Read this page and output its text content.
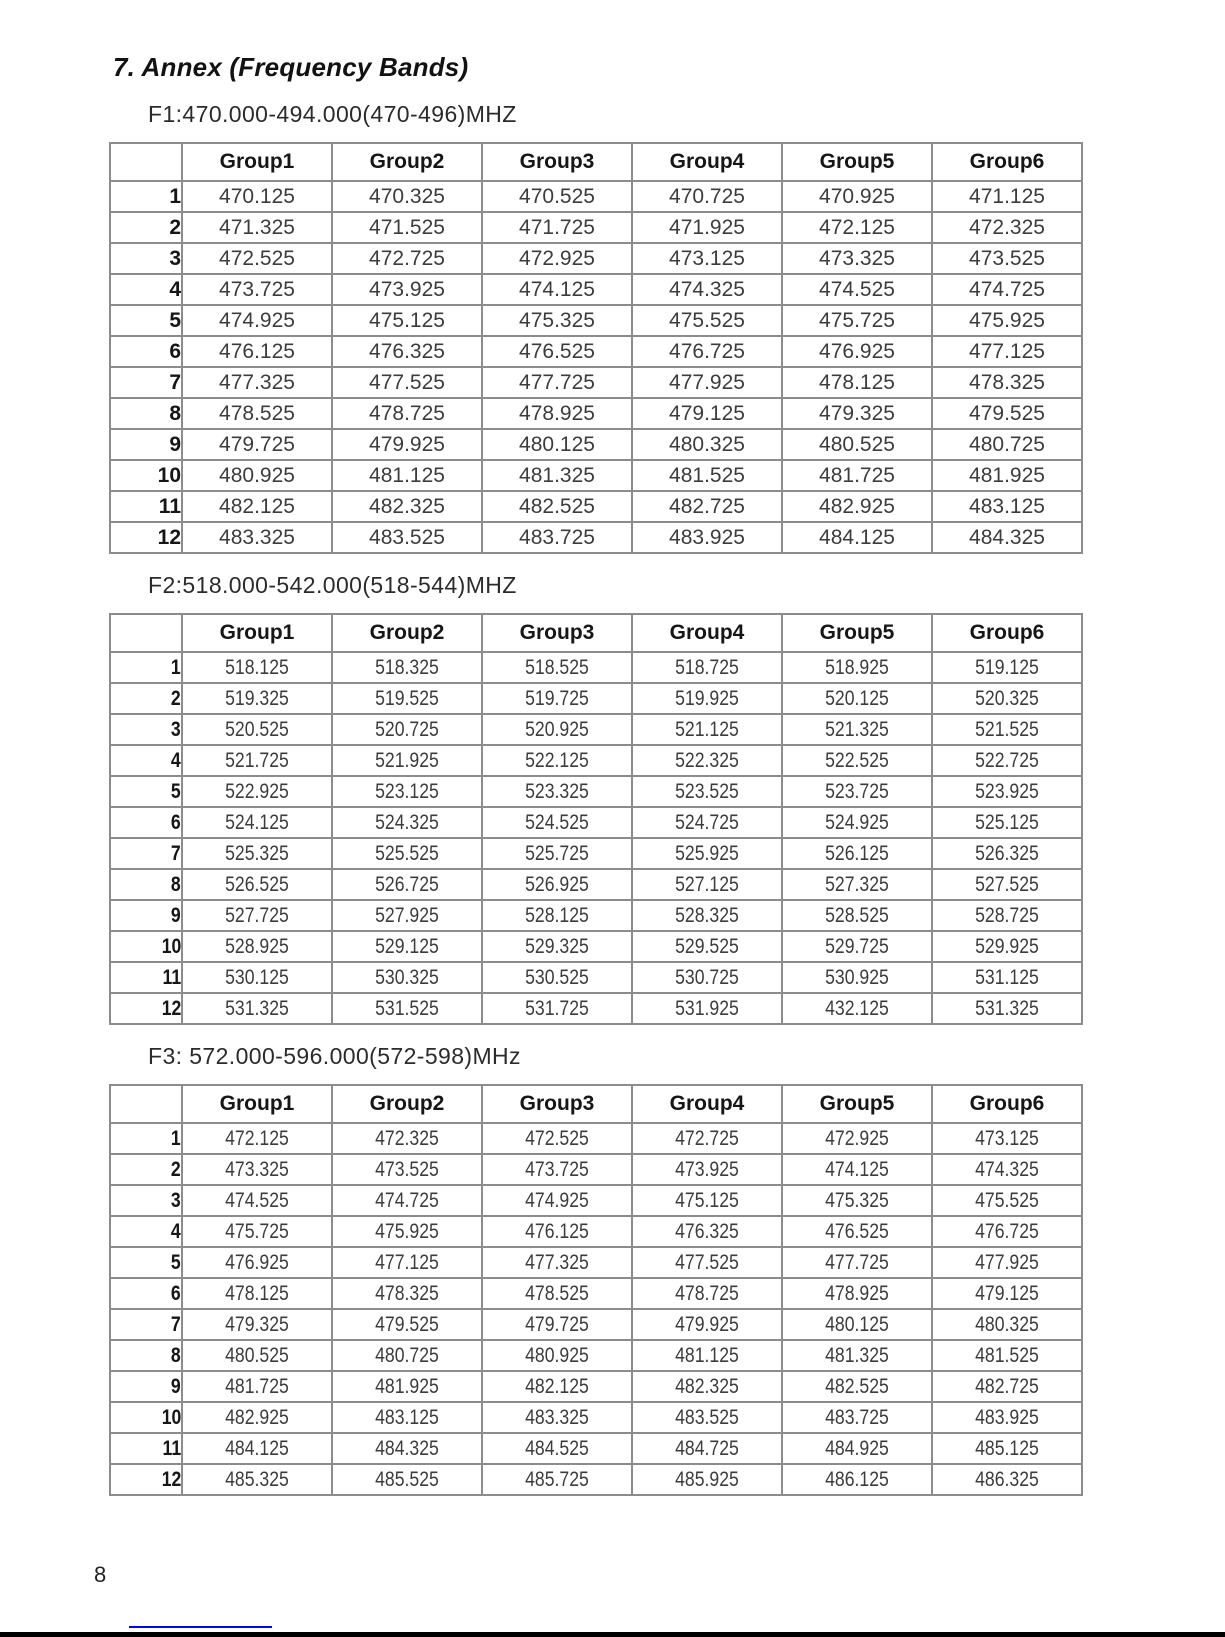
7. Annex (Frequency Bands)
F1:470.000-494.000(470-496)MHZ
	Group1	Group2	Group3	Group4	Group5	Group6
1	470.125	470.325	470.525	470.725	470.925	471.125
2	471.325	471.525	471.725	471.925	472.125	472.325
3	472.525	472.725	472.925	473.125	473.325	473.525
4	473.725	473.925	474.125	474.325	474.525	474.725
5	474.925	475.125	475.325	475.525	475.725	475.925
6	476.125	476.325	476.525	476.725	476.925	477.125
7	477.325	477.525	477.725	477.925	478.125	478.325
8	478.525	478.725	478.925	479.125	479.325	479.525
9	479.725	479.925	480.125	480.325	480.525	480.725
10	480.925	481.125	481.325	481.525	481.725	481.925
11	482.125	482.325	482.525	482.725	482.925	483.125
12	483.325	483.525	483.725	483.925	484.125	484.325
F2:518.000-542.000(518-544)MHZ
	Group1	Group2	Group3	Group4	Group5	Group6
1	518.125	518.325	518.525	518.725	518.925	519.125
2	519.325	519.525	519.725	519.925	520.125	520.325
3	520.525	520.725	520.925	521.125	521.325	521.525
4	521.725	521.925	522.125	522.325	522.525	522.725
5	522.925	523.125	523.325	523.525	523.725	523.925
6	524.125	524.325	524.525	524.725	524.925	525.125
7	525.325	525.525	525.725	525.925	526.125	526.325
8	526.525	526.725	526.925	527.125	527.325	527.525
9	527.725	527.925	528.125	528.325	528.525	528.725
10	528.925	529.125	529.325	529.525	529.725	529.925
11	530.125	530.325	530.525	530.725	530.925	531.125
12	531.325	531.525	531.725	531.925	432.125	531.325
F3: 572.000-596.000(572-598)MHz
	Group1	Group2	Group3	Group4	Group5	Group6
1	472.125	472.325	472.525	472.725	472.925	473.125
2	473.325	473.525	473.725	473.925	474.125	474.325
3	474.525	474.725	474.925	475.125	475.325	475.525
4	475.725	475.925	476.125	476.325	476.525	476.725
5	476.925	477.125	477.325	477.525	477.725	477.925
6	478.125	478.325	478.525	478.725	478.925	479.125
7	479.325	479.525	479.725	479.925	480.125	480.325
8	480.525	480.725	480.925	481.125	481.325	481.525
9	481.725	481.925	482.125	482.325	482.525	482.725
10	482.925	483.125	483.325	483.525	483.725	483.925
11	484.125	484.325	484.525	484.725	484.925	485.125
12	485.325	485.525	485.725	485.925	486.125	486.325
8
